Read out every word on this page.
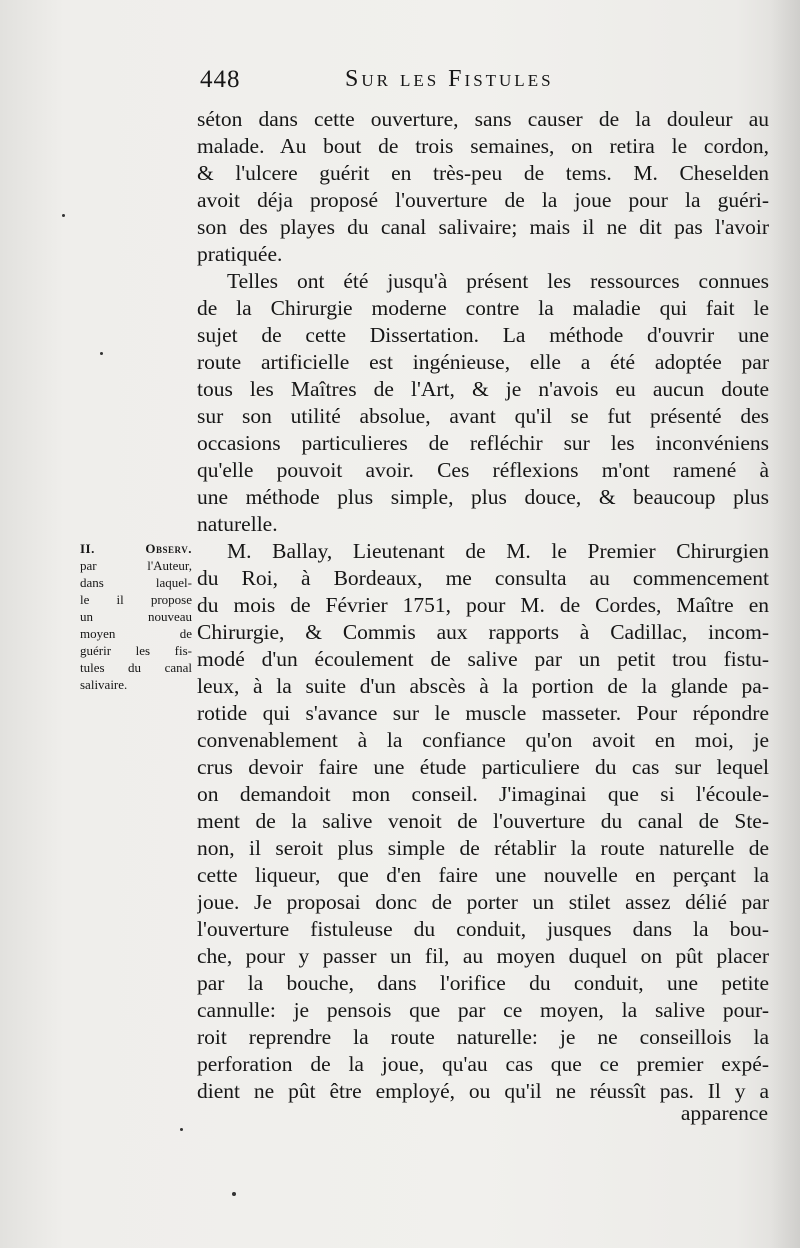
448	Sur les Fistules
II. Observ.
par l'Auteur,
dans laquel-
le il propose
un nouveau
moyen de
guérir les fis-
tules du canal
salivaire.
séton dans cette ouverture, sans causer de la douleur au
malade. Au bout de trois semaines, on retira le cordon,
& l'ulcere guérit en très-peu de tems. M. Cheselden
avoit déja proposé l'ouverture de la joue pour la guéri-
son des playes du canal salivaire; mais il ne dit pas l'avoir
pratiquée.
Telles ont été jusqu'à présent les ressources connues
de la Chirurgie moderne contre la maladie qui fait le
sujet de cette Dissertation. La méthode d'ouvrir une
route artificielle est ingénieuse, elle a été adoptée par
tous les Maîtres de l'Art, & je n'avois eu aucun doute
sur son utilité absolue, avant qu'il se fut présenté des
occasions particulieres de refléchir sur les inconvéniens
qu'elle pouvoit avoir. Ces réflexions m'ont ramené à
une méthode plus simple, plus douce, & beaucoup plus
naturelle.
M. Ballay, Lieutenant de M. le Premier Chirurgien
du Roi, à Bordeaux, me consulta au commencement
du mois de Février 1751, pour M. de Cordes, Maître en
Chirurgie, & Commis aux rapports à Cadillac, incom-
modé d'un écoulement de salive par un petit trou fistu-
leux, à la suite d'un abscès à la portion de la glande pa-
rotide qui s'avance sur le muscle masseter. Pour répondre
convenablement à la confiance qu'on avoit en moi, je
crus devoir faire une étude particuliere du cas sur lequel
on demandoit mon conseil. J'imaginai que si l'écoule-
ment de la salive venoit de l'ouverture du canal de Ste-
non, il seroit plus simple de rétablir la route naturelle de
cette liqueur, que d'en faire une nouvelle en perçant la
joue. Je proposai donc de porter un stilet assez délié par
l'ouverture fistuleuse du conduit, jusques dans la bou-
che, pour y passer un fil, au moyen duquel on pût placer
par la bouche, dans l'orifice du conduit, une petite
cannulle: je pensois que par ce moyen, la salive pour-
roit reprendre la route naturelle: je ne conseillois la
perforation de la joue, qu'au cas que ce premier expé-
dient ne pût être employé, ou qu'il ne réussît pas. Il y a
apparence
